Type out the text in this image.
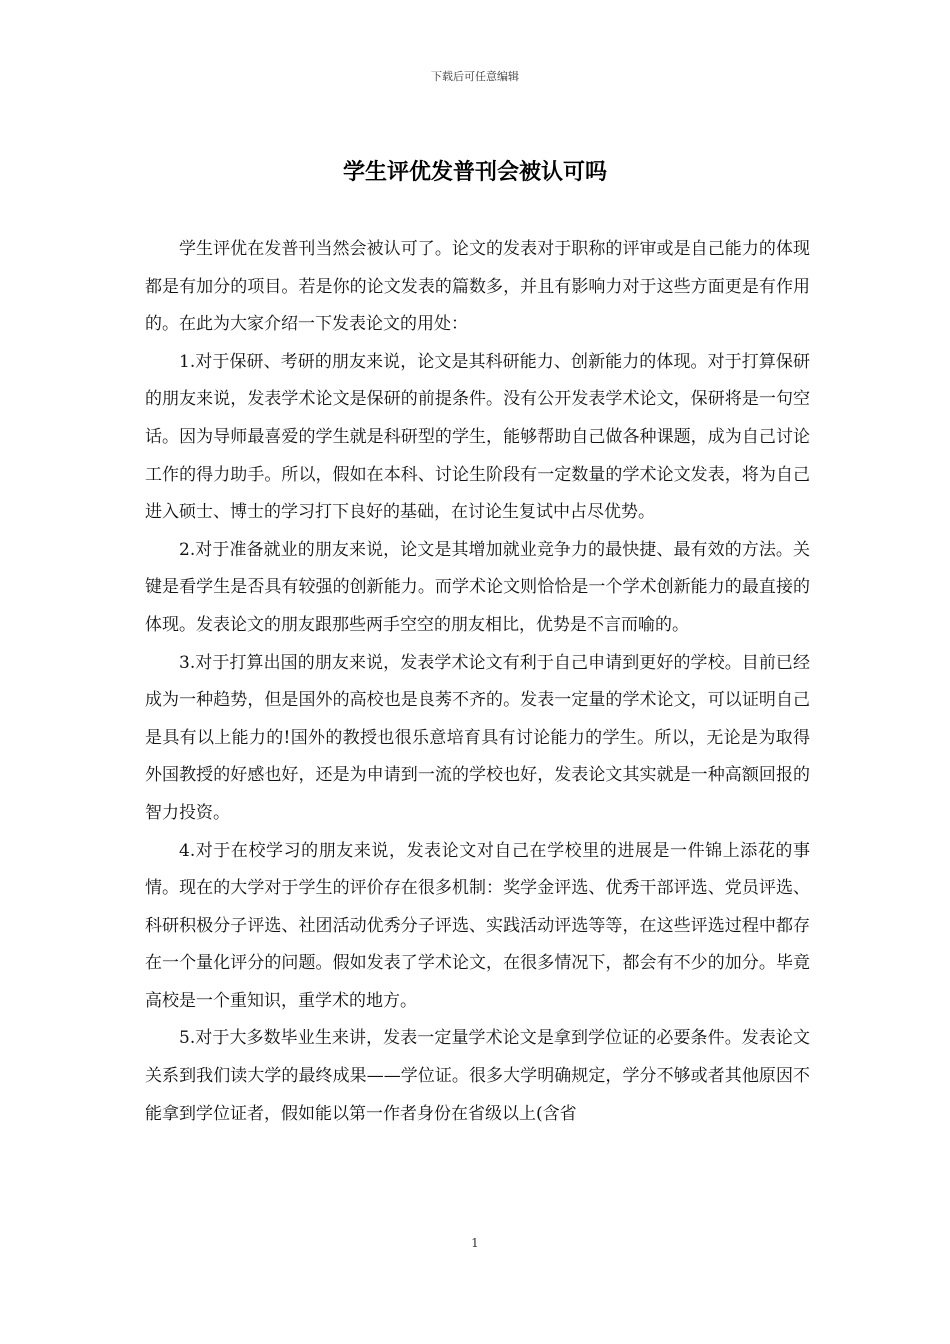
下载后可任意编辑
学生评优发普刊会被认可吗

学生评优在发普刊当然会被认可了。论文的发表对于职称的评审或是自己能力的体现都是有加分的项目。若是你的论文发表的篇数多，并且有影响力对于这些方面更是有作用的。在此为大家介绍一下发表论文的用处：

1.对于保研、考研的朋友来说，论文是其科研能力、创新能力的体现。对于打算保研的朋友来说，发表学术论文是保研的前提条件。没有公开发表学术论文，保研将是一句空话。因为导师最喜爱的学生就是科研型的学生，能够帮助自己做各种课题，成为自己讨论工作的得力助手。所以，假如在本科、讨论生阶段有一定数量的学术论文发表，将为自己进入硕士、博士的学习打下良好的基础，在讨论生复试中占尽优势。

2.对于准备就业的朋友来说，论文是其增加就业竞争力的最快捷、最有效的方法。关键是看学生是否具有较强的创新能力。而学术论文则恰恰是一个学术创新能力的最直接的体现。发表论文的朋友跟那些两手空空的朋友相比，优势是不言而喻的。

3.对于打算出国的朋友来说，发表学术论文有利于自己申请到更好的学校。目前已经成为一种趋势，但是国外的高校也是良莠不齐的。发表一定量的学术论文，可以证明自己是具有以上能力的!国外的教授也很乐意培育具有讨论能力的学生。所以，无论是为取得外国教授的好感也好，还是为申请到一流的学校也好，发表论文其实就是一种高额回报的智力投资。

4.对于在校学习的朋友来说，发表论文对自己在学校里的进展是一件锦上添花的事情。现在的大学对于学生的评价存在很多机制：奖学金评选、优秀干部评选、党员评选、科研积极分子评选、社团活动优秀分子评选、实践活动评选等等，在这些评选过程中都存在一个量化评分的问题。假如发表了学术论文，在很多情况下，都会有不少的加分。毕竟高校是一个重知识，重学术的地方。

5.对于大多数毕业生来讲，发表一定量学术论文是拿到学位证的必要条件。发表论文关系到我们读大学的最终成果——学位证。很多大学明确规定，学分不够或者其他原因不能拿到学位证者，假如能以第一作者身份在省级以上(含省

1
